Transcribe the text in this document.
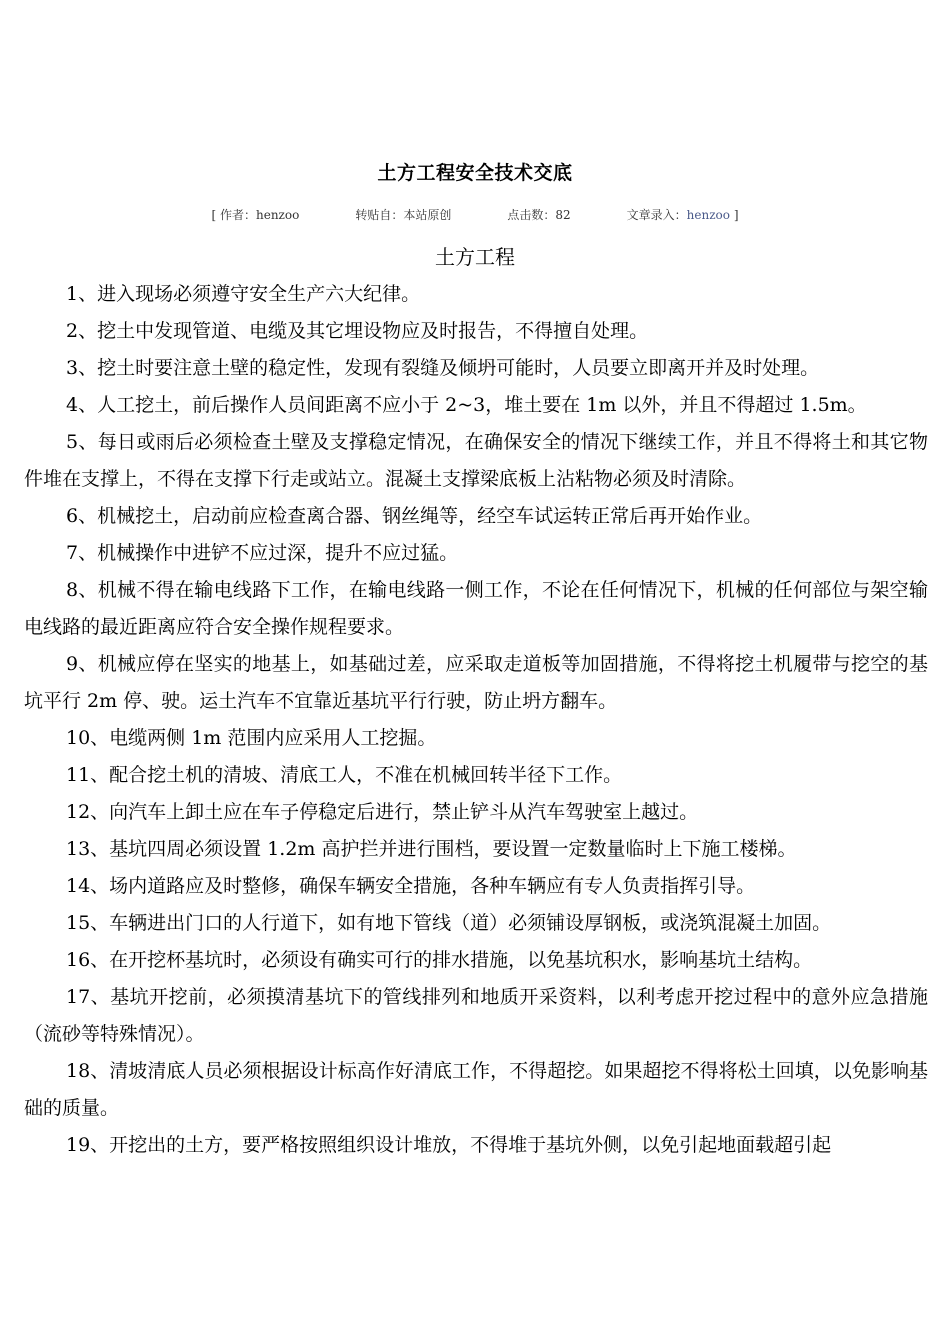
土方工程安全技术交底
[ 作者：henzoo	转贴自：本站原创	点击数：82	文章录入：henzoo ]
土方工程

1、进入现场必须遵守安全生产六大纪律。

2、挖土中发现管道、电缆及其它埋设物应及时报告，不得擅自处理。

3、挖土时要注意土壁的稳定性，发现有裂缝及倾坍可能时，人员要立即离开并及时处理。

4、人工挖土，前后操作人员间距离不应小于 2~3，堆土要在 1m 以外，并且不得超过 1.5m。

5、每日或雨后必须检查土壁及支撑稳定情况，在确保安全的情况下继续工作，并且不得将土和其它物件堆在支撑上，不得在支撑下行走或站立。混凝土支撑梁底板上沾粘物必须及时清除。

6、机械挖土，启动前应检查离合器、钢丝绳等，经空车试运转正常后再开始作业。

7、机械操作中进铲不应过深，提升不应过猛。

8、机械不得在输电线路下工作，在输电线路一侧工作，不论在任何情况下，机械的任何部位与架空输电线路的最近距离应符合安全操作规程要求。

9、机械应停在坚实的地基上，如基础过差，应采取走道板等加固措施，不得将挖土机履带与挖空的基坑平行 2m 停、驶。运土汽车不宜靠近基坑平行行驶，防止坍方翻车。

10、电缆两侧 1m 范围内应采用人工挖掘。

11、配合挖土机的清坡、清底工人，不准在机械回转半径下工作。

12、向汽车上卸土应在车子停稳定后进行，禁止铲斗从汽车驾驶室上越过。

13、基坑四周必须设置 1.2m 高护拦并进行围档，要设置一定数量临时上下施工楼梯。

14、场内道路应及时整修，确保车辆安全措施，各种车辆应有专人负责指挥引导。

15、车辆进出门口的人行道下，如有地下管线（道）必须铺设厚钢板，或浇筑混凝土加固。

16、在开挖杯基坑时，必须设有确实可行的排水措施，以免基坑积水，影响基坑土结构。

17、基坑开挖前，必须摸清基坑下的管线排列和地质开采资料，以利考虑开挖过程中的意外应急措施（流砂等特殊情况）。

18、清坡清底人员必须根据设计标高作好清底工作，不得超挖。如果超挖不得将松土回填，以免影响基础的质量。

19、开挖出的土方，要严格按照组织设计堆放，不得堆于基坑外侧，以免引起地面载超引起
